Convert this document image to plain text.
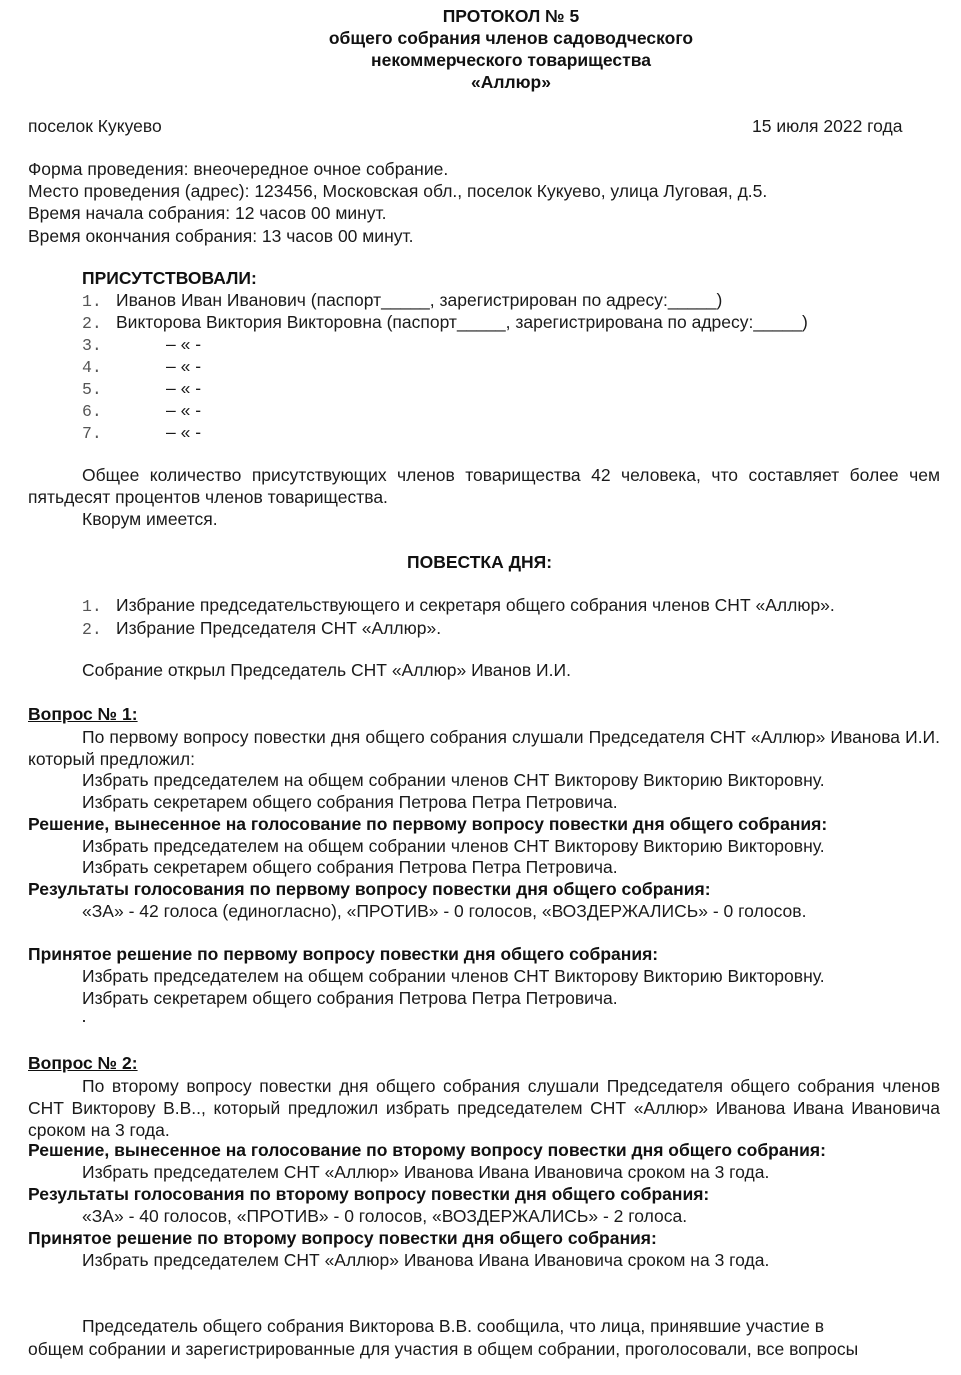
ПРОТОКОЛ № 5
общего собрания членов садоводческого
некоммерческого товарищества
«Аллюр»
поселок Кукуево	15 июля 2022 года
Форма проведения: внеочередное очное собрание.
Место проведения (адрес): 123456, Московская обл., поселок Кукуево, улица Луговая, д.5.
Время начала собрания: 12 часов 00 минут.
Время окончания собрания: 13 часов 00 минут.
ПРИСУТСТВОВАЛИ:
1. Иванов Иван Иванович (паспорт_____, зарегистрирован по адресу:_____)
2. Викторова Виктория Викторовна (паспорт_____, зарегистрирована по адресу:_____)
3.	– « -
4.	– « -
5.	– « -
6.	– « -
7.	– « -
Общее количество присутствующих членов товарищества 42 человека, что составляет более чем пятьдесят процентов членов товарищества.
Кворум имеется.
ПОВЕСТКА ДНЯ:
1. Избрание председательствующего и секретаря общего собрания членов СНТ «Аллюр».
2. Избрание Председателя СНТ «Аллюр».
Собрание открыл Председатель СНТ «Аллюр» Иванов И.И.
Вопрос № 1:
По первому вопросу повестки дня общего собрания слушали Председателя СНТ «Аллюр» Иванова И.И. который предложил:
Избрать председателем на общем собрании членов СНТ Викторову Викторию Викторовну.
Избрать секретарем общего собрания Петрова Петра Петровича.
Решение, вынесенное на голосование по первому вопросу повестки дня общего собрания:
Избрать председателем на общем собрании членов СНТ Викторову Викторию Викторовну.
Избрать секретарем общего собрания Петрова Петра Петровича.
Результаты голосования по первому вопросу повестки дня общего собрания:
«ЗА» - 42 голоса (единогласно), «ПРОТИВ» - 0 голосов, «ВОЗДЕРЖАЛИСЬ» - 0 голосов.
Принятое решение по первому вопросу повестки дня общего собрания:
Избрать председателем на общем собрании членов СНТ Викторову Викторию Викторовну.
Избрать секретарем общего собрания Петрова Петра Петровича.
Вопрос № 2:
По второму вопросу повестки дня общего собрания слушали Председателя общего собрания членов СНТ Викторову В.В.., который предложил избрать председателем СНТ «Аллюр» Иванова Ивана Ивановича сроком на 3 года.
Решение, вынесенное на голосование по второму вопросу повестки дня общего собрания:
Избрать председателем СНТ «Аллюр» Иванова Ивана Ивановича сроком на 3 года.
Результаты голосования по второму вопросу повестки дня общего собрания:
«ЗА» - 40 голосов, «ПРОТИВ» - 0 голосов, «ВОЗДЕРЖАЛИСЬ» - 2 голоса.
Принятое решение по второму вопросу повестки дня общего собрания:
Избрать председателем СНТ «Аллюр» Иванова Ивана Ивановича сроком на 3 года.
Председатель общего собрания Викторова В.В. сообщила, что лица, принявшие участие в
общем собрании и зарегистрированные для участия в общем собрании, проголосовали, все вопросы
